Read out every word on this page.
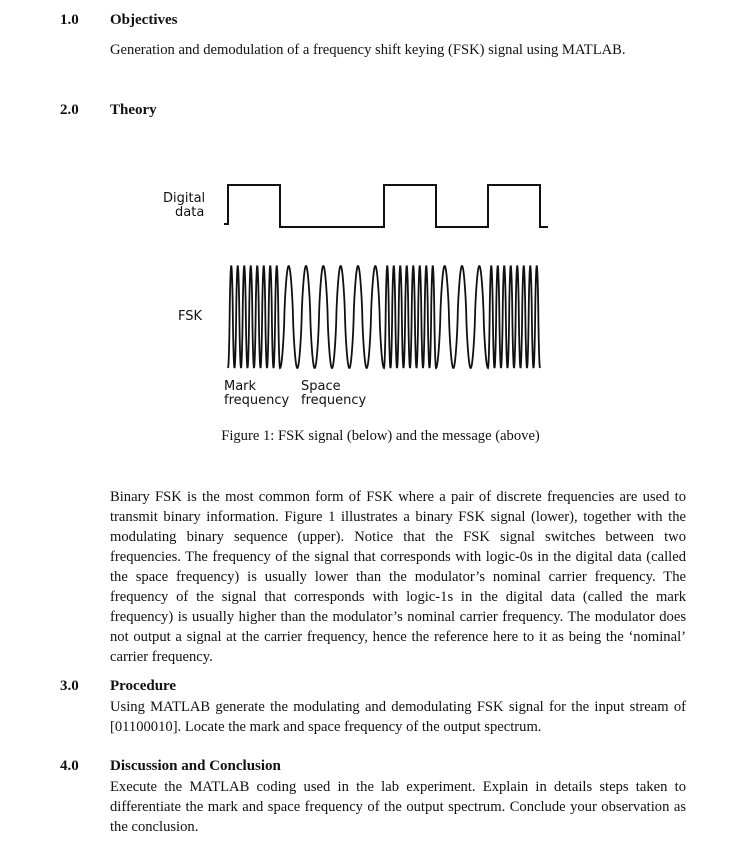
1.0 Objectives
Generation and demodulation of a frequency shift keying (FSK) signal using MATLAB.
2.0 Theory
Digital
data
FSK
Mark
frequency
Space
frequency
Figure 1: FSK signal (below) and the message (above)
Binary FSK is the most common form of FSK where a pair of discrete frequencies are used to transmit binary information. Figure 1 illustrates a binary FSK signal (lower), together with the modulating binary sequence (upper). Notice that the FSK signal switches between two frequencies. The frequency of the signal that corresponds with logic-0s in the digital data (called the space frequency) is usually lower than the modulator’s nominal carrier frequency. The frequency of the signal that corresponds with logic-1s in the digital data (called the mark frequency) is usually higher than the modulator’s nominal carrier frequency. The modulator does not output a signal at the carrier frequency, hence the reference here to it as being the ‘nominal’ carrier frequency.
3.0 Procedure
Using MATLAB generate the modulating and demodulating FSK signal for the input stream of [01100010]. Locate the mark and space frequency of the output spectrum.
4.0 Discussion and Conclusion
Execute the MATLAB coding used in the lab experiment. Explain in details steps taken to differentiate the mark and space frequency of the output spectrum. Conclude your observation as the conclusion.
